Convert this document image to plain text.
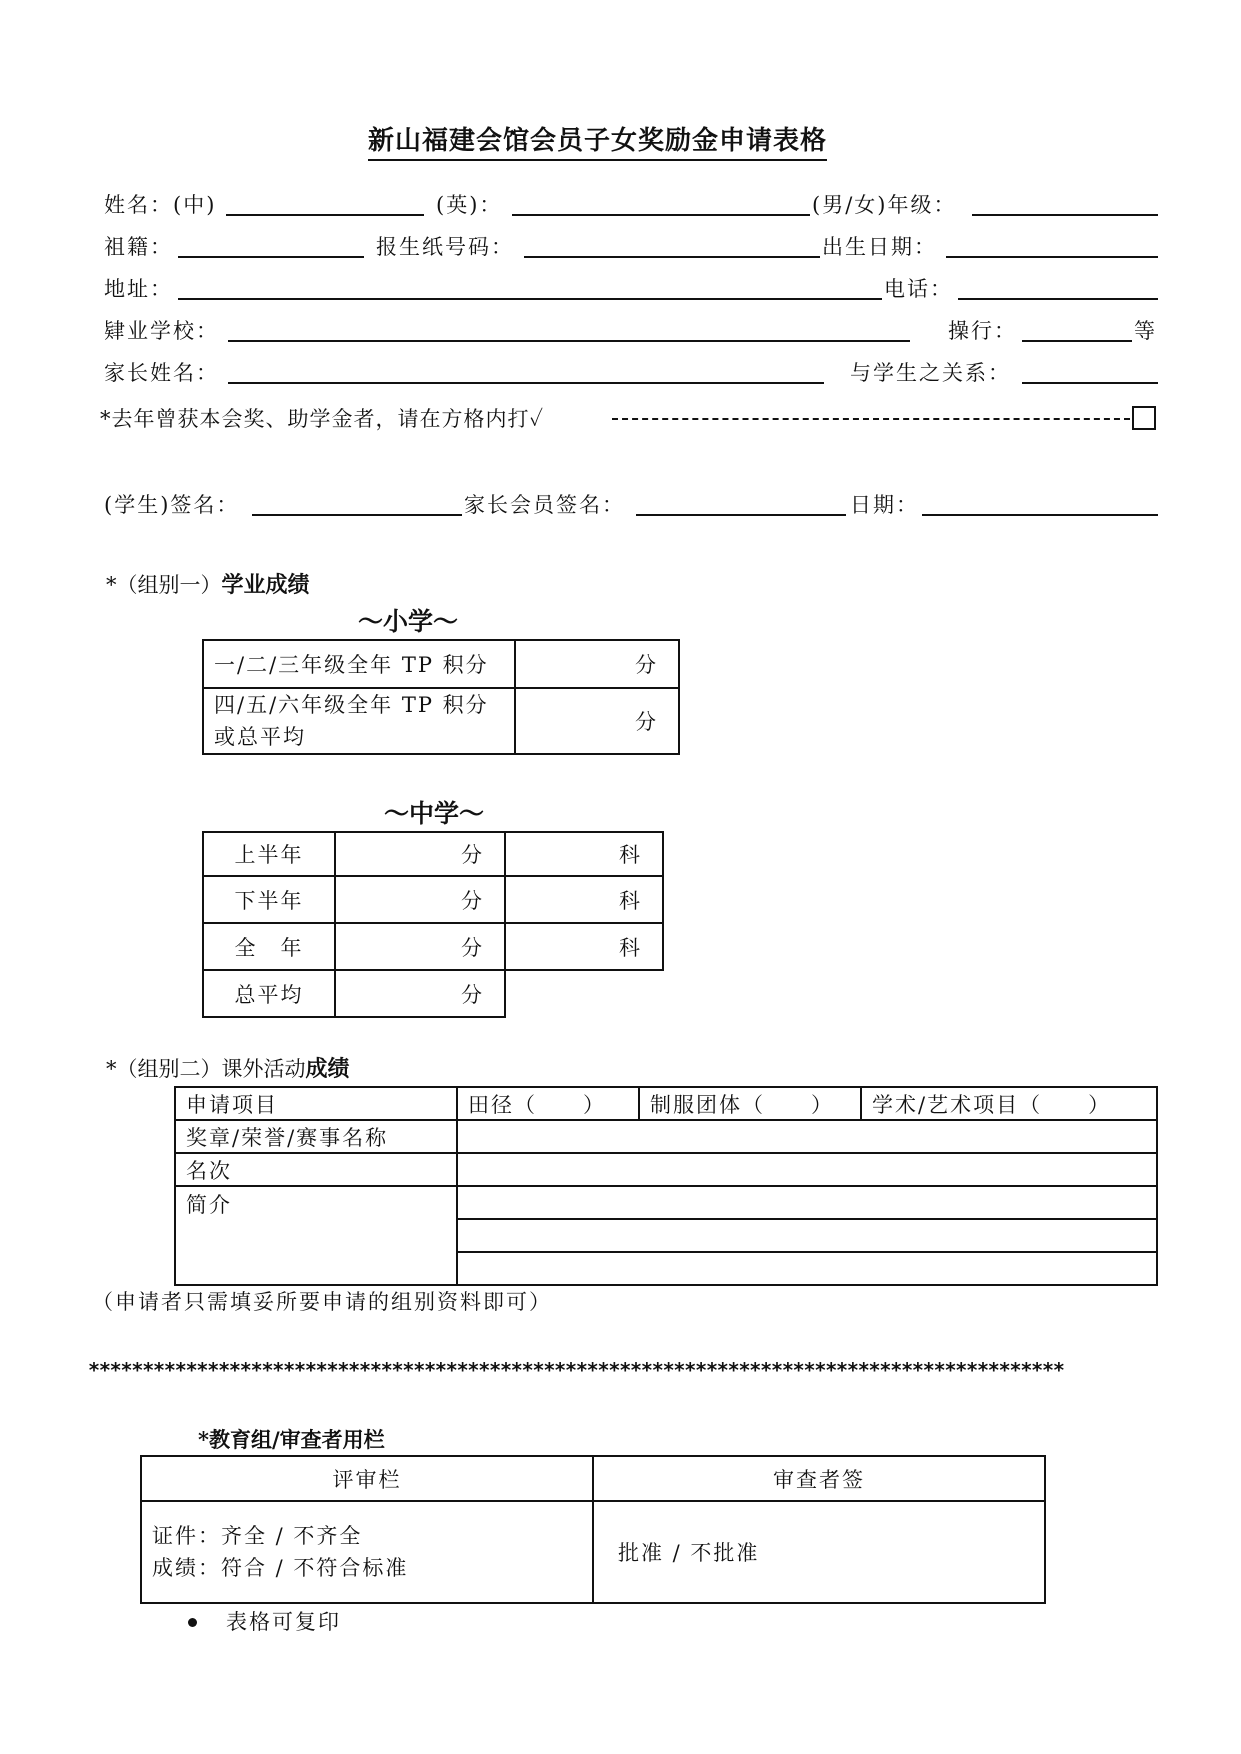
新山福建会馆会员子女奖励金申请表格
姓名：(中)	(英)：	(男/女)年级：
祖籍：	报生纸号码：	出生日期：
地址：	电话：
肄业学校：	操行：	等
家长姓名：	与学生之关系：
*去年曾获本会奖、助学金者，请在方格内打✓
(学生)签名：	家长会员签名：	日期：
*（组别一）学业成绩
～小学～
一/二/三年级全年 TP 积分	分

四/五/六年级全年 TP 积分
或总平均	分
～中学～
上半年	分	科
下半年	分	科
全　年	分	科
总平均	分	
*（组别二）课外活动成绩
申请项目	田径（　　）	制服团体（　　）	学术/艺术项目（　　）
奖章/荣誉/赛事名称			
名次			
简介			

（申请者只需填妥所要申请的组别资料即可）
******************************************************************************************
*教育组/审查者用栏
评审栏	审查者签

证件：齐全 / 不齐全
成绩：符合 / 不符合标准	批准 / 不批准
表格可复印
